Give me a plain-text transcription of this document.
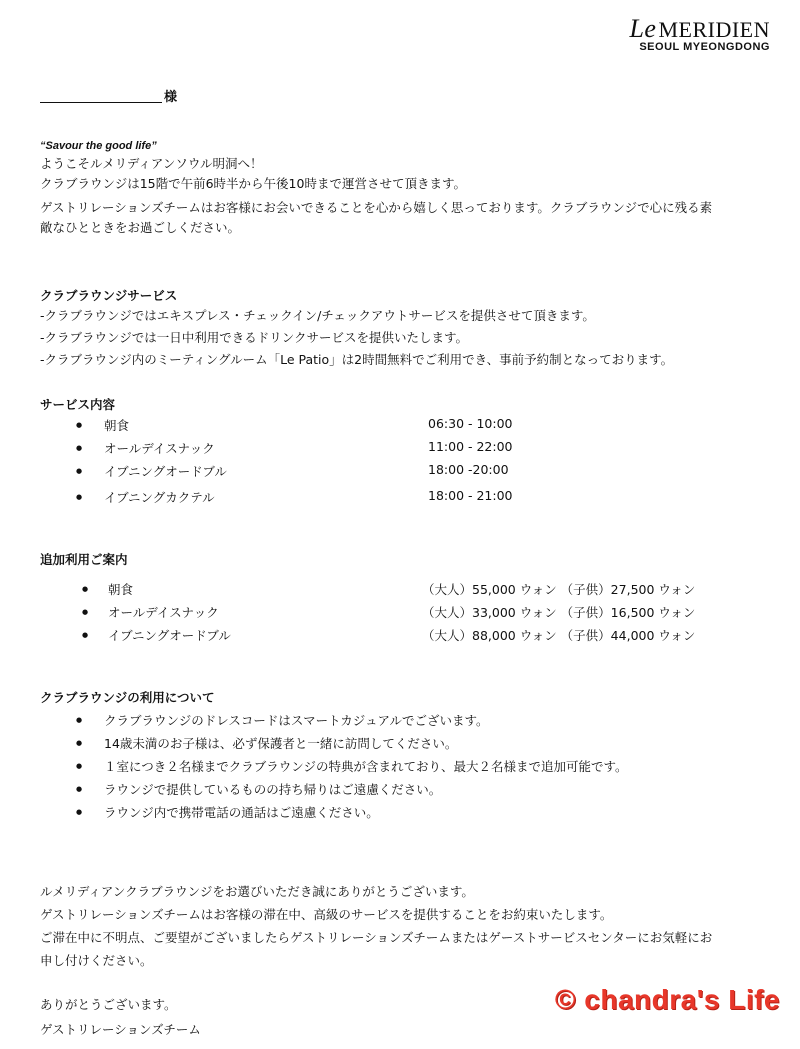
LeMERIDIEN
SEOUL MYEONGDONG
様
“Savour the good life”

ようこそルメリディアンソウル明洞へ！

クラブラウンジは15階で午前6時半から午後10時まで運営させて頂きます。

ゲストリレーションズチームはお客様にお会いできることを心から嬉しく思っております。クラブラウンジで心に残る素

敵なひとときをお過ごしください。

クラブラウンジサービス

-クラブラウンジではエキスプレス・チェックイン/チェックアウトサービスを提供させて頂きます。

-クラブラウンジでは一日中利用できるドリンクサービスを提供いたします。

-クラブラウンジ内のミーティングルーム「Le Patio」は2時間無料でご利用でき、事前予約制となっております。

サービス内容
● 朝食	06:30 - 10:00
● オールデイスナック	11:00 - 22:00
● イブニングオードブル	18:00 -20:00
● イブニングカクテル	18:00 - 21:00
追加利用ご案内
● 朝食	（大人）55,000 ウォン （子供）27,500 ウォン
● オールデイスナック	（大人）33,000 ウォン （子供）16,500 ウォン
● イブニングオードブル	（大人）88,000 ウォン （子供）44,000 ウォン
クラブラウンジの利用について
● クラブラウンジのドレスコードはスマートカジュアルでございます。
● 14歳未満のお子様は、必ず保護者と一緒に訪問してください。
● １室につき２名様までクラブラウンジの特典が含まれており、最大２名様まで追加可能です。
● ラウンジで提供しているものの持ち帰りはご遠慮ください。
● ラウンジ内で携帯電話の通話はご遠慮ください。

ルメリディアンクラブラウンジをお選びいただき誠にありがとうございます。

ゲストリレーションズチームはお客様の滞在中、高級のサービスを提供することをお約束いたします。

ご滞在中に不明点、ご要望がございましたらゲストリレーションズチームまたはゲーストサービスセンターにお気軽にお

申し付けください。

ありがとうございます。

ゲストリレーションズチーム

© chandra's Life
